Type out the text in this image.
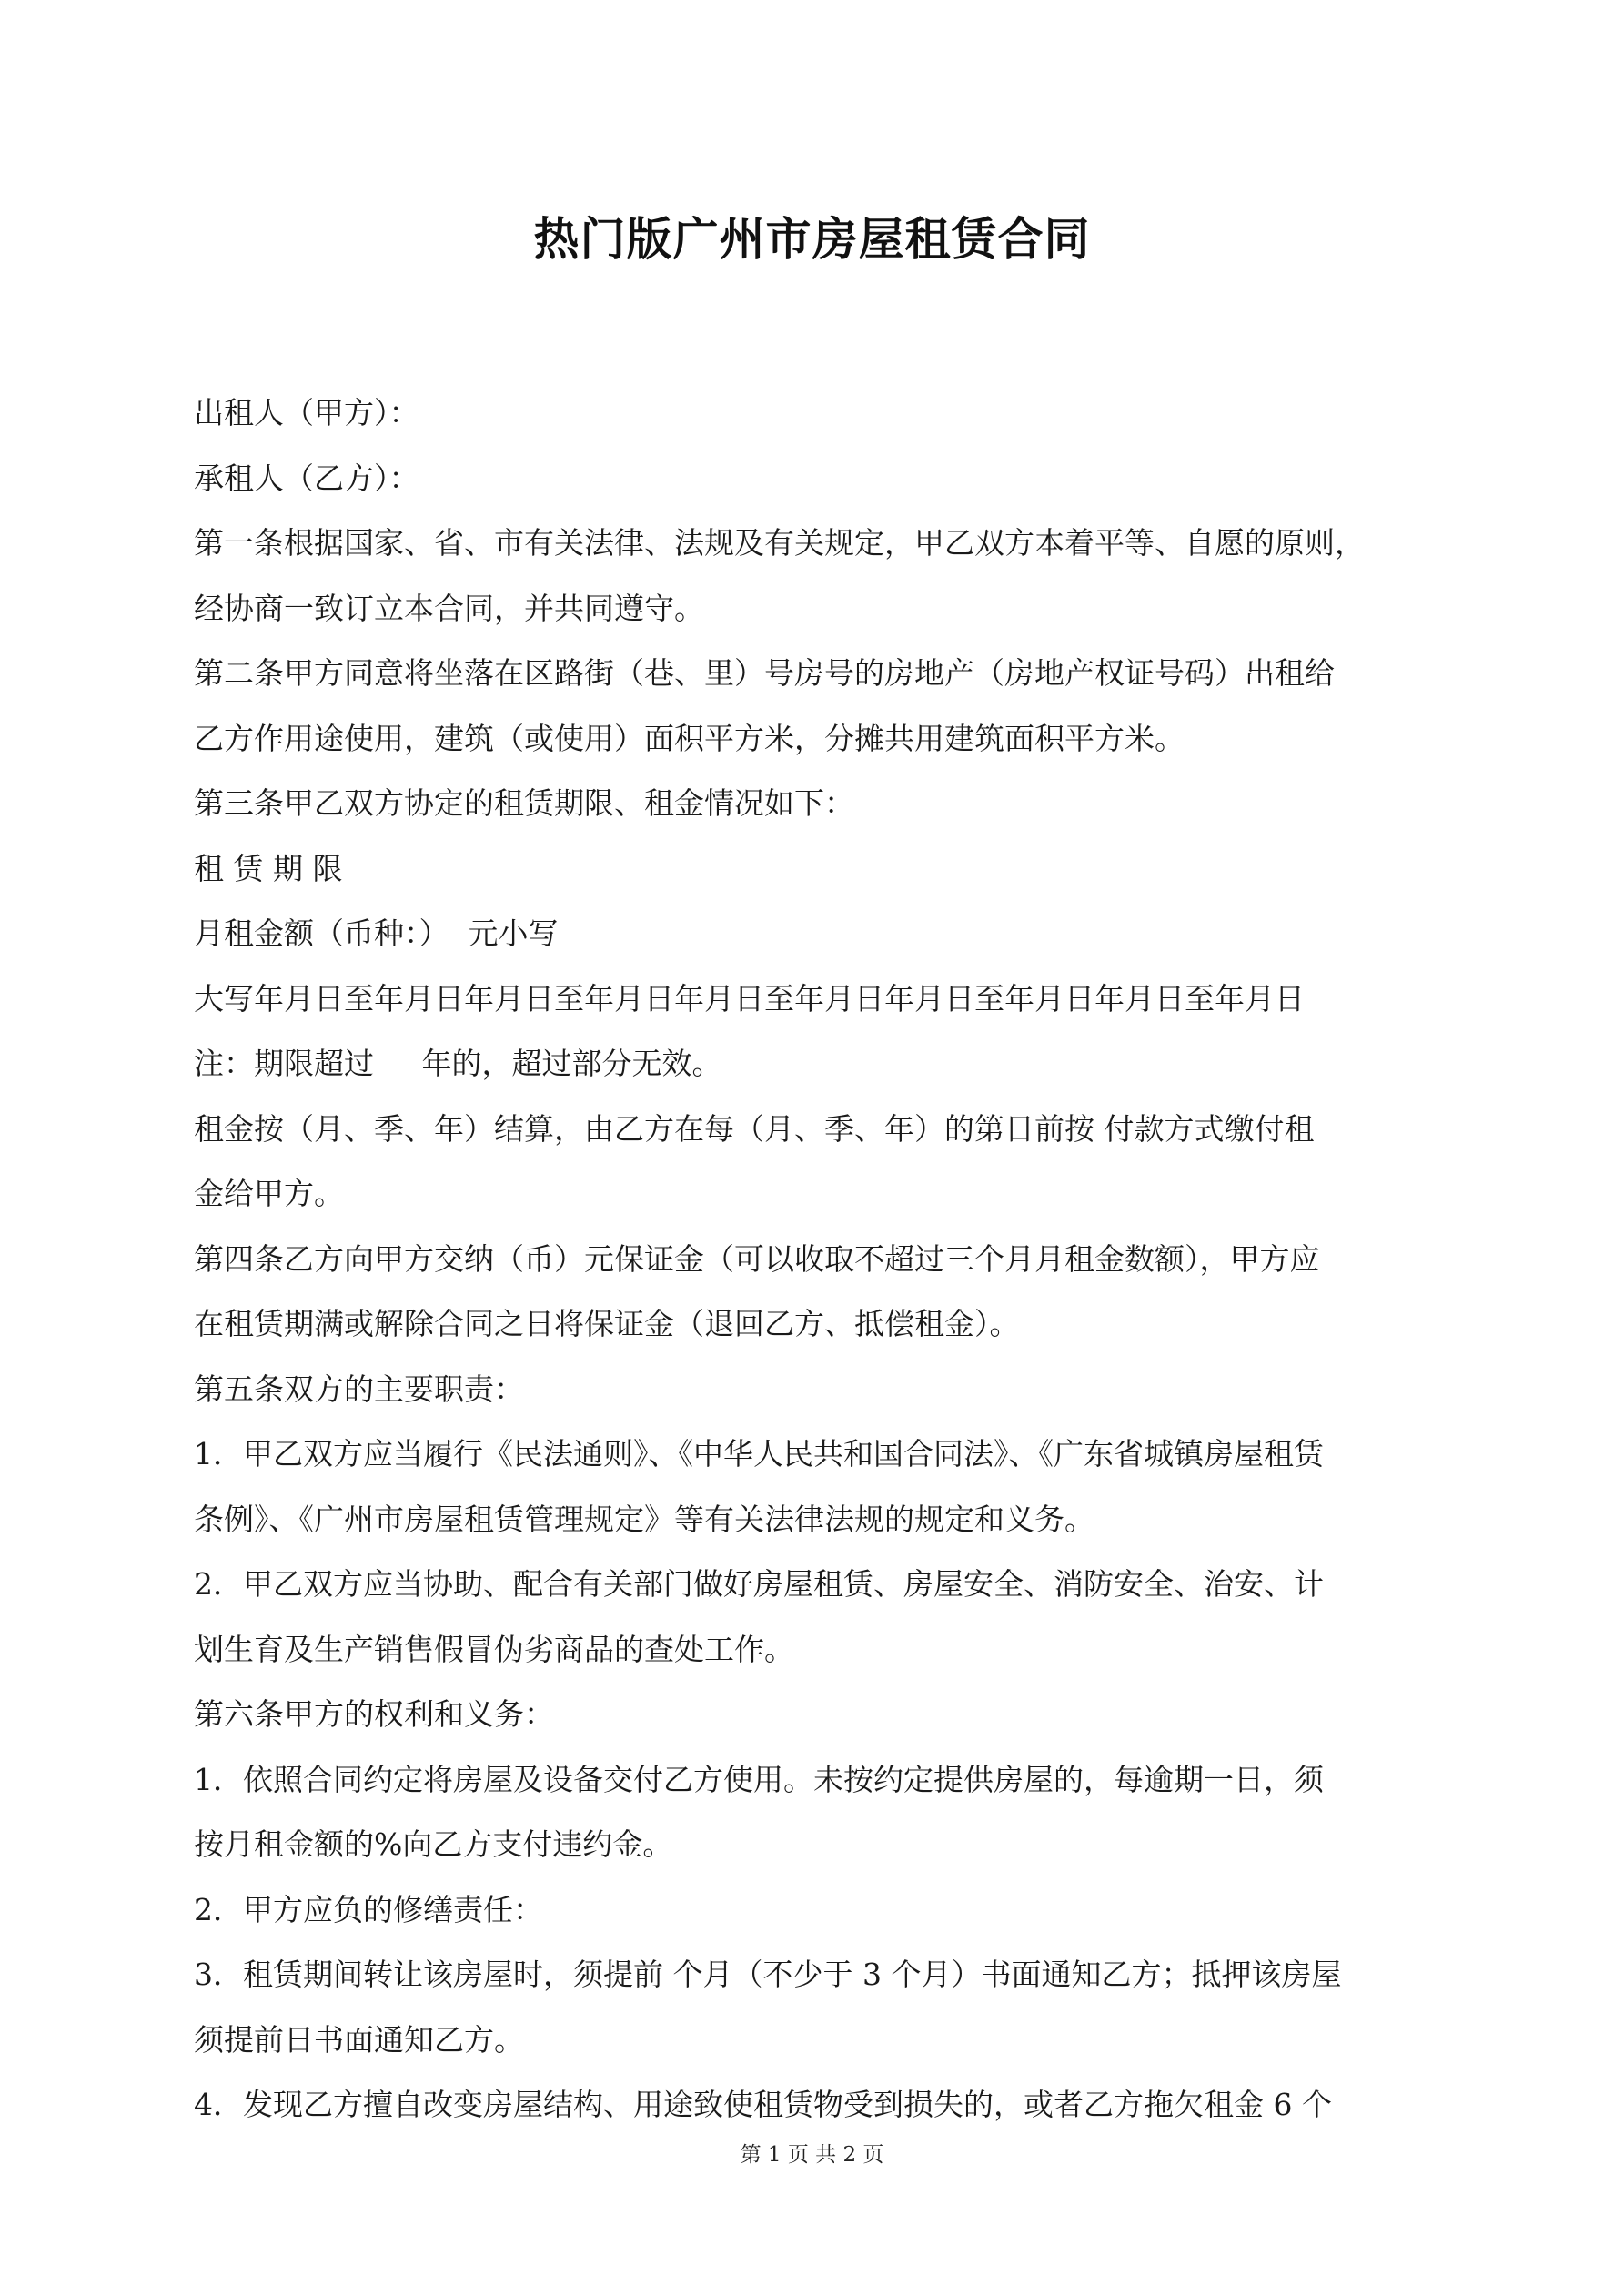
热门版广州市房屋租赁合同
出租人（甲方）：
承租人（乙方）：
第一条根据国家、省、市有关法律、法规及有关规定，甲乙双方本着平等、自愿的原则，
经协商一致订立本合同，并共同遵守。
第二条甲方同意将坐落在区路街（巷、里）号房号的房地产（房地产权证号码）出租给
乙方作用途使用，建筑（或使用）面积平方米，分摊共用建筑面积平方米。
第三条甲乙双方协定的租赁期限、租金情况如下：
租 赁 期 限
月租金额（币种：）  元小写
大写年月日至年月日年月日至年月日年月日至年月日年月日至年月日年月日至年月日
注：期限超过     年的，超过部分无效。
租金按（月、季、年）结算，由乙方在每（月、季、年）的第日前按 付款方式缴付租
金给甲方。
第四条乙方向甲方交纳（币）元保证金（可以收取不超过三个月月租金数额），甲方应
在租赁期满或解除合同之日将保证金（退回乙方、抵偿租金）。
第五条双方的主要职责：
1．甲乙双方应当履行《民法通则》、《中华人民共和国合同法》、《广东省城镇房屋租赁
条例》、《广州市房屋租赁管理规定》等有关法律法规的规定和义务。
2．甲乙双方应当协助、配合有关部门做好房屋租赁、房屋安全、消防安全、治安、计
划生育及生产销售假冒伪劣商品的查处工作。
第六条甲方的权利和义务：
1．依照合同约定将房屋及设备交付乙方使用。未按约定提供房屋的，每逾期一日，须
按月租金额的%向乙方支付违约金。
2．甲方应负的修缮责任：
3．租赁期间转让该房屋时，须提前 个月（不少于 3 个月）书面通知乙方；抵押该房屋
须提前日书面通知乙方。
4．发现乙方擅自改变房屋结构、用途致使租赁物受到损失的，或者乙方拖欠租金 6 个
第 1 页 共 2 页
